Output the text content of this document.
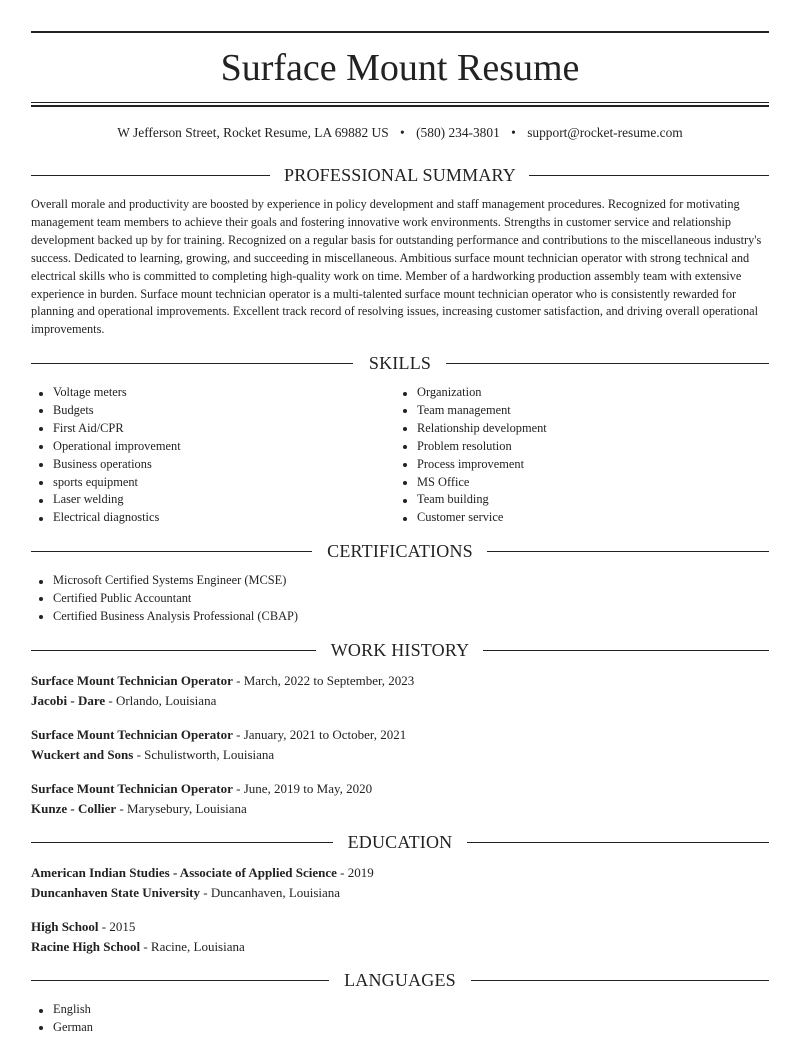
Surface Mount Resume
W Jefferson Street, Rocket Resume, LA 69882 US • (580) 234-3801 • support@rocket-resume.com
PROFESSIONAL SUMMARY

Overall morale and productivity are boosted by experience in policy development and staff management procedures. Recognized for motivating management team members to achieve their goals and fostering innovative work environments. Strengths in customer service and relationship development backed up by for training. Recognized on a regular basis for outstanding performance and contributions to the miscellaneous industry's success. Dedicated to learning, growing, and succeeding in miscellaneous. Ambitious surface mount technician operator with strong technical and electrical skills who is committed to completing high-quality work on time. Member of a hardworking production assembly team with extensive experience in burden. Surface mount technician operator is a multi-talented surface mount technician operator who is consistently rewarded for planning and operational improvements. Excellent track record of resolving issues, increasing customer satisfaction, and driving overall operational improvements.

SKILLS
Voltage meters
Budgets
First Aid/CPR
Operational improvement
Business operations
sports equipment
Laser welding
Electrical diagnostics
Organization
Team management
Relationship development
Problem resolution
Process improvement
MS Office
Team building
Customer service
CERTIFICATIONS
Microsoft Certified Systems Engineer (MCSE)
Certified Public Accountant
Certified Business Analysis Professional (CBAP)
WORK HISTORY
Surface Mount Technician Operator - March, 2022 to September, 2023
Jacobi - Dare - Orlando, Louisiana
Surface Mount Technician Operator - January, 2021 to October, 2021
Wuckert and Sons - Schulistworth, Louisiana
Surface Mount Technician Operator - June, 2019 to May, 2020
Kunze - Collier - Marysebury, Louisiana
EDUCATION
American Indian Studies - Associate of Applied Science - 2019
Duncanhaven State University - Duncanhaven, Louisiana
High School - 2015
Racine High School - Racine, Louisiana
LANGUAGES
English
German
